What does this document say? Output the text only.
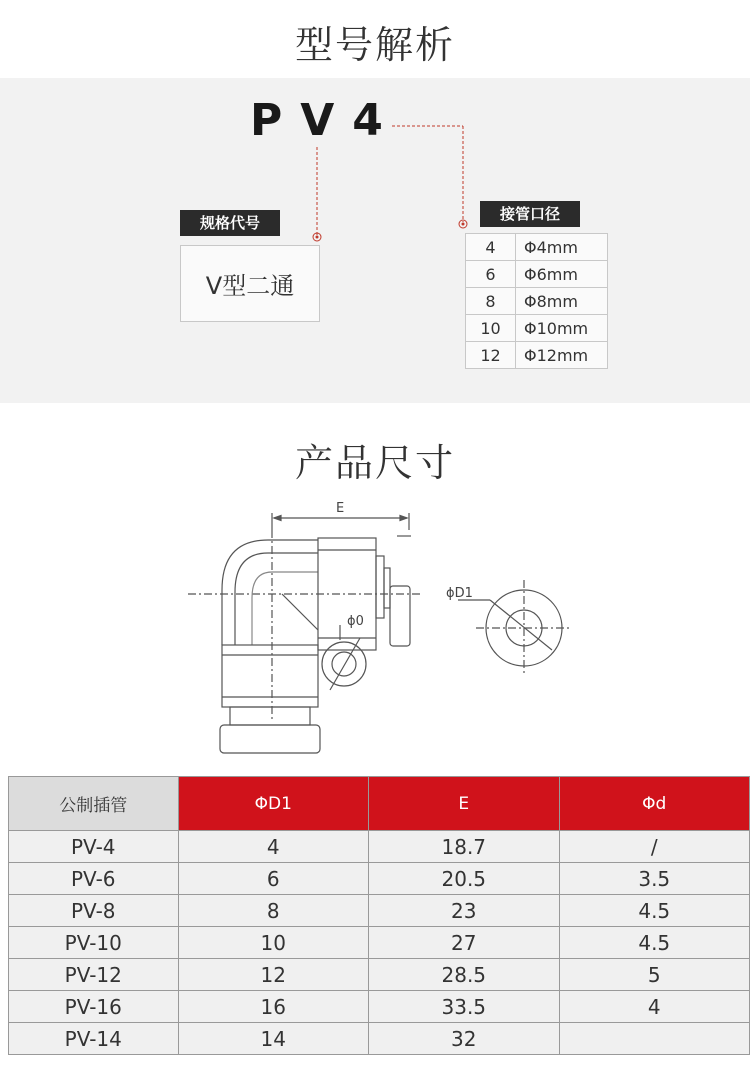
型号解析
PV4
规格代号
V型二通
接管口径
4	Φ4mm
6	Φ6mm
8	Φ8mm
10	Φ10mm
12	Φ12mm
产品尺寸
E
ϕD1
ϕ0
公制插管	ΦD1	E	Φd
PV-4	4	18.7	/
PV-6	6	20.5	3.5
PV-8	8	23	4.5
PV-10	10	27	4.5
PV-12	12	28.5	5
PV-16	16	33.5	4
PV-14	14	32	
